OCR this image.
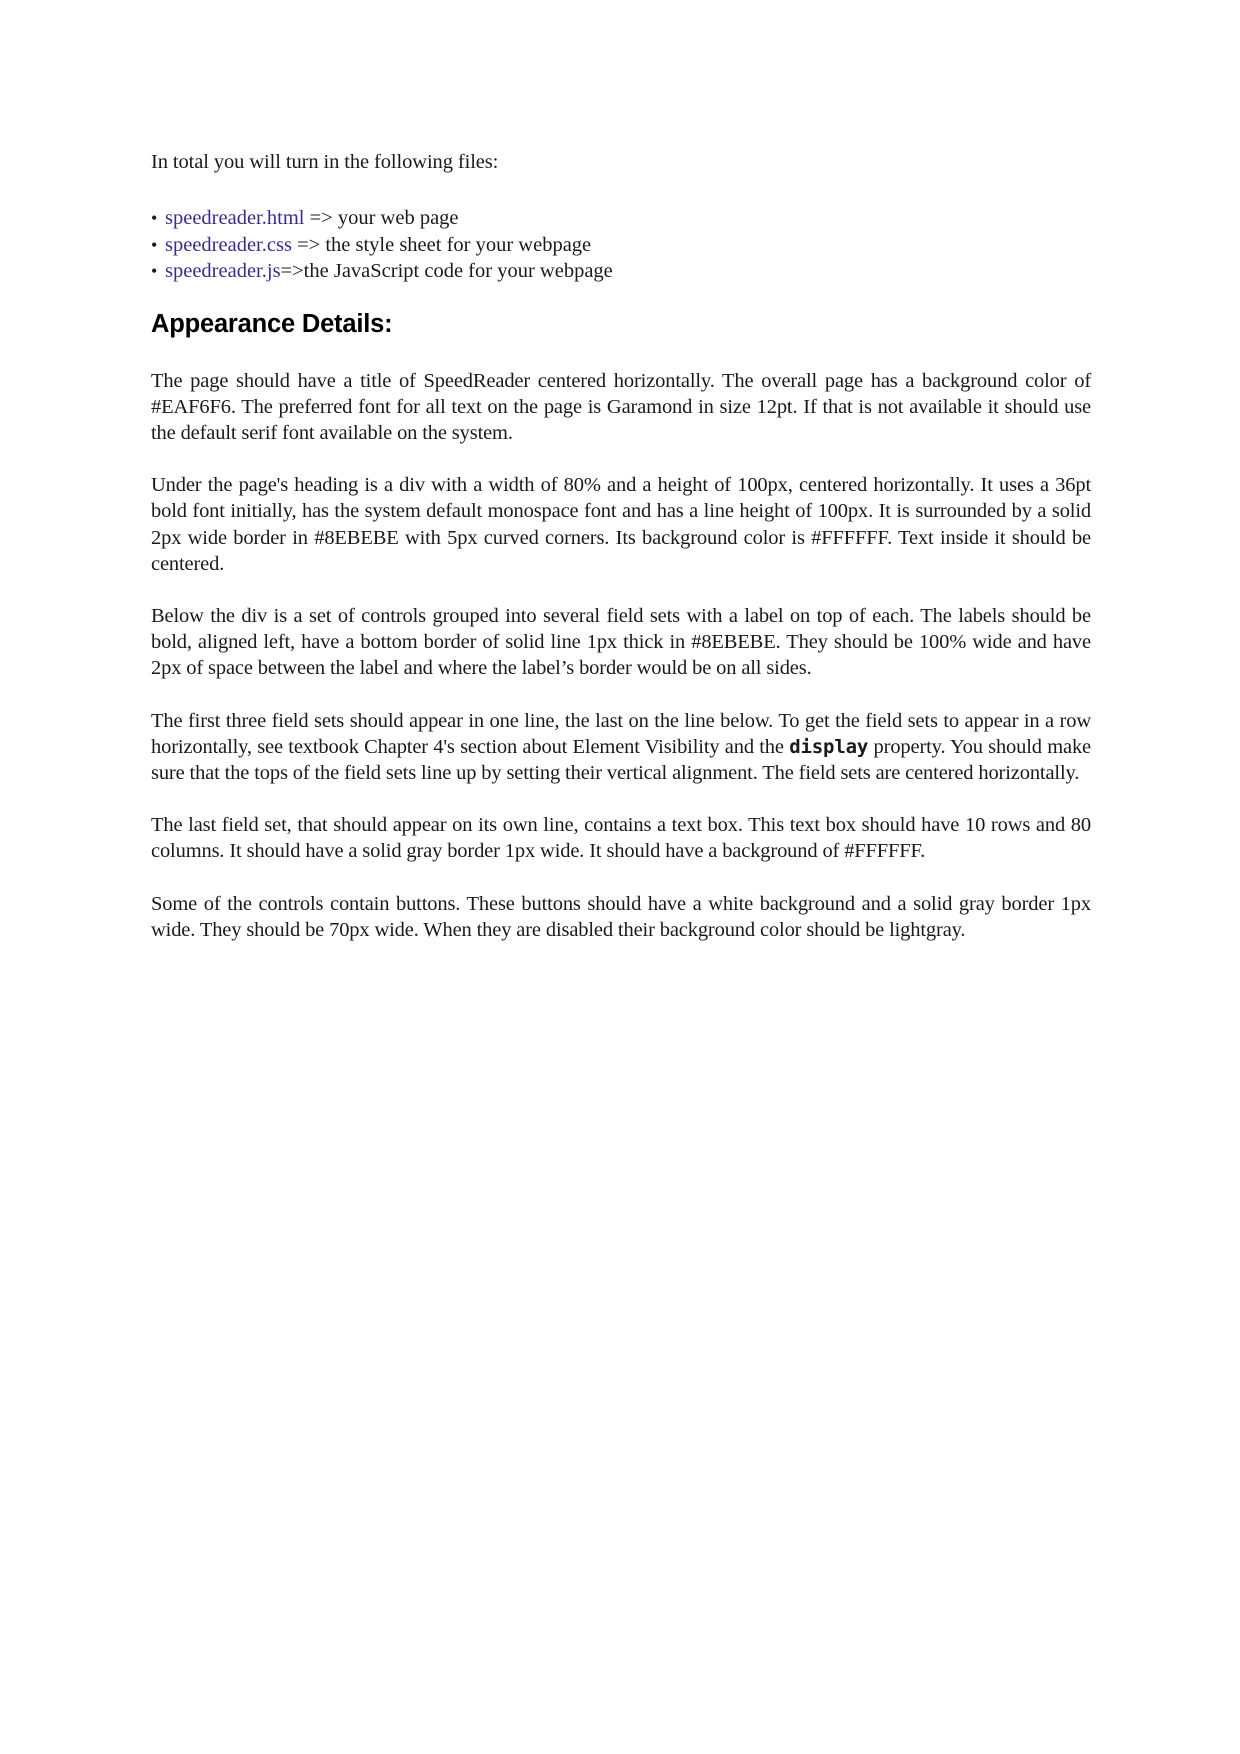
In total you will turn in the following files:

• speedreader.html => your web page
• speedreader.css => the style sheet for your webpage
• speedreader.js=>the JavaScript code for your webpage
Appearance Details:

The page should have a title of SpeedReader centered horizontally. The overall page has a background color of #EAF6F6. The preferred font for all text on the page is Garamond in size 12pt. If that is not available it should use the default serif font available on the system.

Under the page's heading is a div with a width of 80% and a height of 100px, centered horizontally. It uses a 36pt bold font initially, has the system default monospace font and has a line height of 100px. It is surrounded by a solid 2px wide border in #8EBEBE with 5px curved corners. Its background color is #FFFFFF. Text inside it should be centered.

Below the div is a set of controls grouped into several field sets with a label on top of each. The labels should be bold, aligned left, have a bottom border of solid line 1px thick in #8EBEBE. They should be 100% wide and have 2px of space between the label and where the label’s border would be on all sides.

The first three field sets should appear in one line, the last on the line below. To get the field sets to appear in a row horizontally, see textbook Chapter 4's section about Element Visibility and the display property. You should make sure that the tops of the field sets line up by setting their vertical alignment. The field sets are centered horizontally.

The last field set, that should appear on its own line, contains a text box. This text box should have 10 rows and 80 columns. It should have a solid gray border 1px wide. It should have a background of #FFFFFF.

Some of the controls contain buttons. These buttons should have a white background and a solid gray border 1px wide. They should be 70px wide. When they are disabled their background color should be lightgray.
